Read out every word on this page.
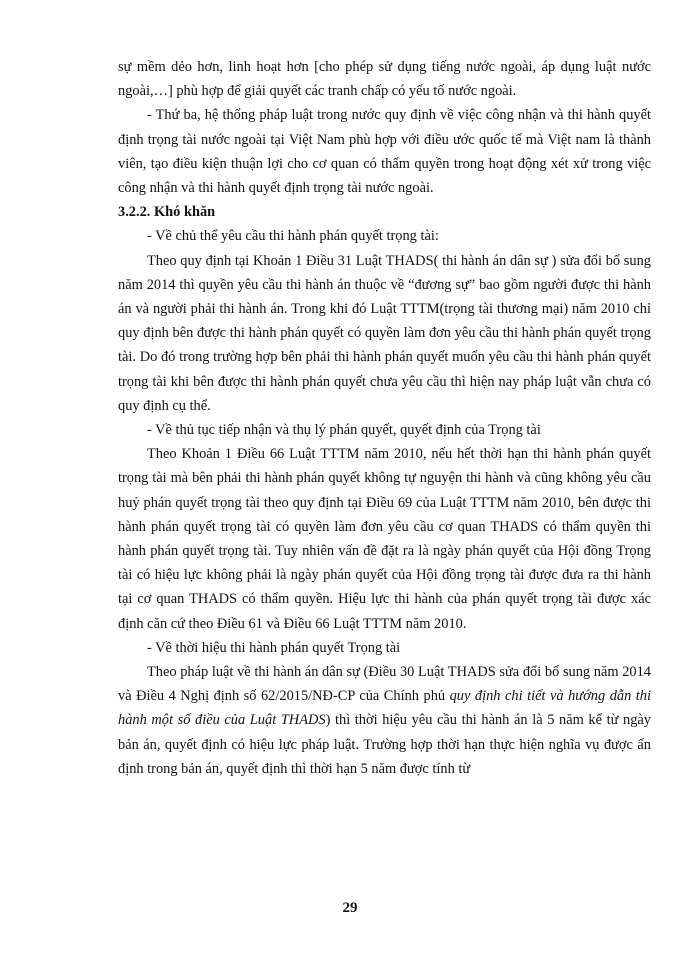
sự mềm dẻo hơn, linh hoạt hơn [cho phép sử dụng tiếng nước ngoài, áp dụng luật nước ngoài,…] phù hợp để giải quyết các tranh chấp có yếu tố nước ngoài.

- Thứ ba, hệ thống pháp luật trong nước quy định về việc công nhận và thi hành quyết định trọng tài nước ngoài tại Việt Nam phù hợp với điều ước quốc tế mà Việt nam là thành viên, tạo điều kiện thuận lợi cho cơ quan có thẩm quyền trong hoạt động xét xử trong việc công nhận và thi hành quyết định trọng tài nước ngoài.

3.2.2. Khó khăn

- Về chủ thể yêu cầu thi hành phán quyết trọng tài:

Theo quy định tại Khoản 1 Điều 31 Luật THADS( thi hành án dân sự ) sửa đổi bổ sung năm 2014 thì quyền yêu cầu thi hành án thuộc về “đương sự” bao gồm người được thi hành án và người phải thi hành án. Trong khi đó Luật TTTM(trọng tài thương mại) năm 2010 chỉ quy định bên được thi hành phán quyết có quyền làm đơn yêu cầu thi hành phán quyết trọng tài. Do đó trong trường hợp bên phải thi hành phán quyết muốn yêu cầu thi hành phán quyết trọng tài khi bên được thi hành phán quyết chưa yêu cầu thì hiện nay pháp luật vẫn chưa có quy định cụ thể.

- Về thủ tục tiếp nhận và thụ lý phán quyết, quyết định của Trọng tài

Theo Khoản 1 Điều 66 Luật TTTM năm 2010, nếu hết thời hạn thi hành phán quyết trọng tài mà bên phải thi hành phán quyết không tự nguyện thi hành và cũng không yêu cầu huỷ phán quyết trọng tài theo quy định tại Điều 69 của Luật TTTM năm 2010, bên được thi hành phán quyết trọng tài có quyền làm đơn yêu cầu cơ quan THADS có thẩm quyền thi hành phán quyết trọng tài. Tuy nhiên vấn đề đặt ra là ngày phán quyết của Hội đồng Trọng tài có hiệu lực không phải là ngày phán quyết của Hội đồng trọng tài được đưa ra thi hành tại cơ quan THADS có thẩm quyền. Hiệu lực thi hành của phán quyết trọng tài được xác định căn cứ theo Điều 61 và Điều 66 Luật TTTM năm 2010.

- Về thời hiệu thi hành phán quyết Trọng tài

Theo pháp luật về thi hành án dân sự (Điều 30 Luật THADS sửa đổi bổ sung năm 2014 và Điều 4 Nghị định số 62/2015/NĐ-CP của Chính phủ quy định chi tiết và hướng dẫn thi hành một số điều của Luật THADS) thì thời hiệu yêu cầu thi hành án là 5 năm kể từ ngày bản án, quyết định có hiệu lực pháp luật. Trường hợp thời hạn thực hiện nghĩa vụ được ấn định trong bản án, quyết định thì thời hạn 5 năm được tính từ

29
